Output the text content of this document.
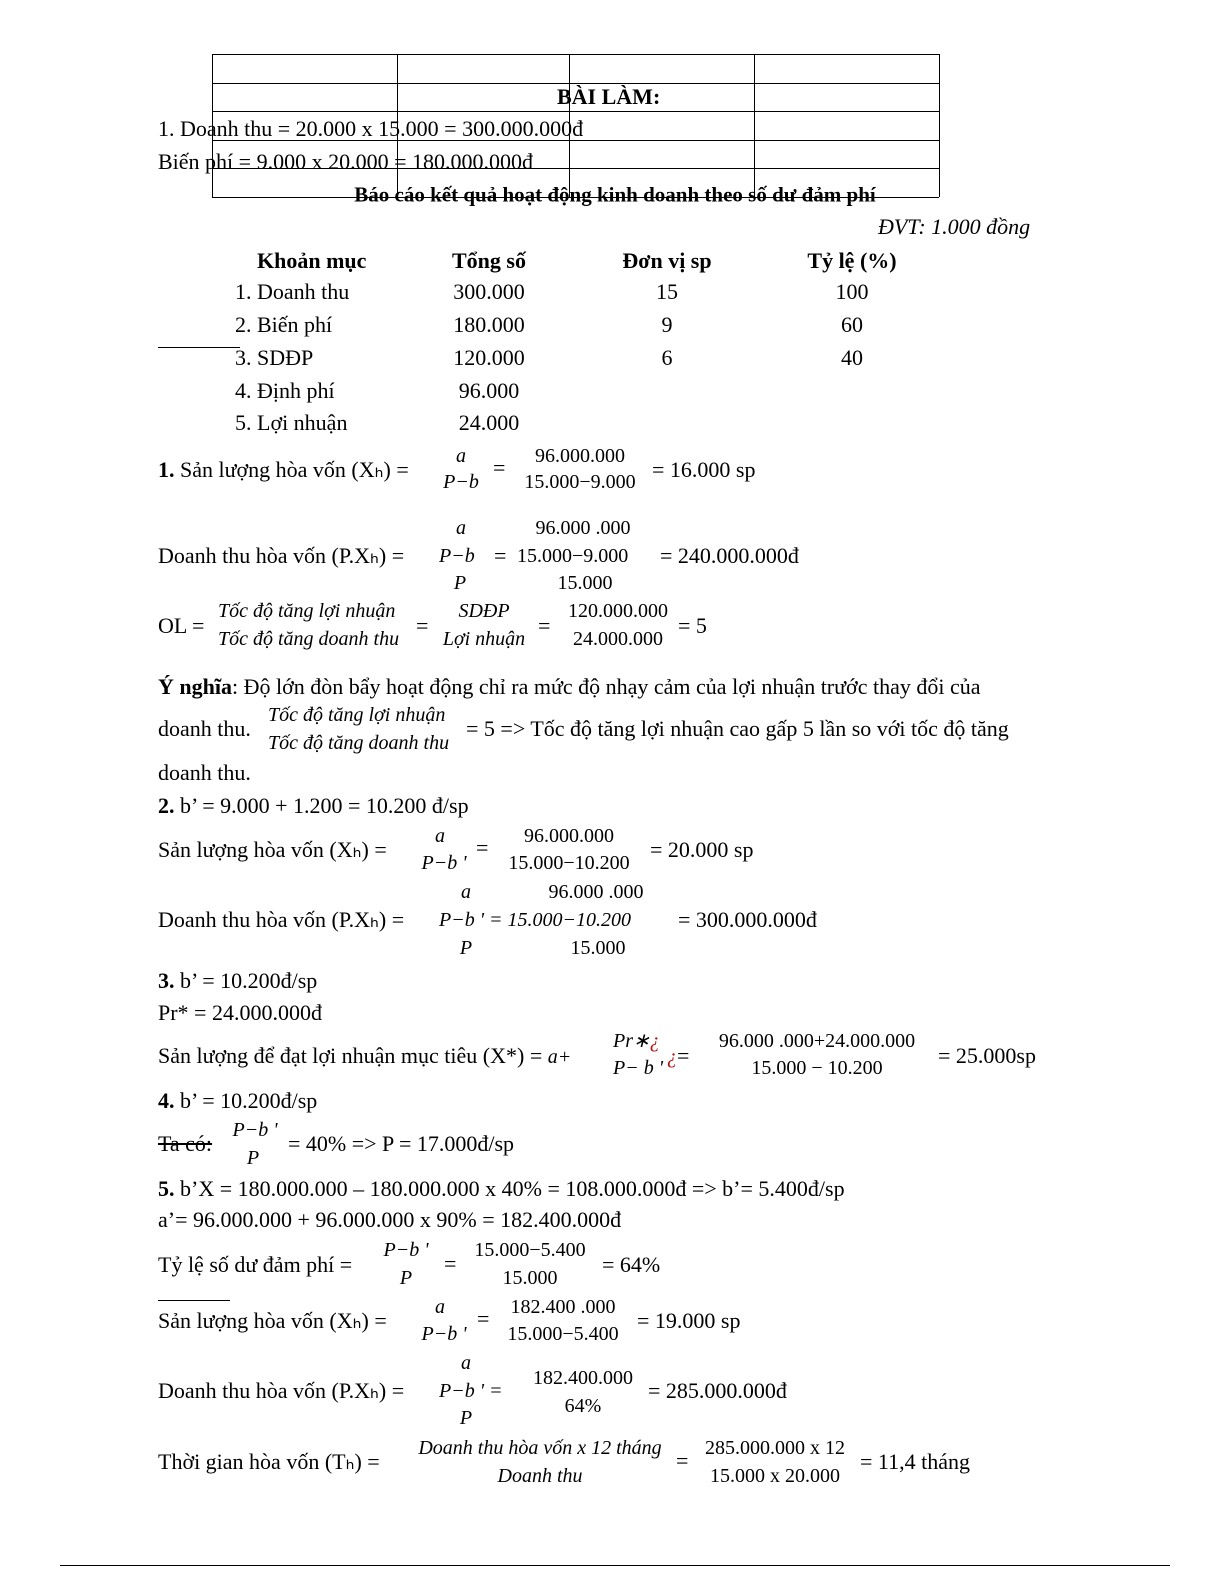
BÀI LÀM:
1. Doanh thu = 20.000 x 15.000 = 300.000.000đ
Biến phí = 9.000 x 20.000 = 180.000.000đ
Báo cáo kết quả hoạt động kinh doanh theo số dư đảm phí
ĐVT: 1.000 đồng
Khoản mục	Tổng số	Đơn vị sp	Tỷ lệ (%)
1. Doanh thu	300.000	15	100
2. Biến phí	180.000	9	60
3. SDĐP	120.000	6	40
4. Định phí	96.000
5. Lợi nhuận	24.000
1. Sản lượng hòa vốn (Xₕ) =
a
P−b
= 96.000.000
15.000−9.000 = 16.000 sp
Doanh thu hòa vốn (P.Xₕ) =
a	96.000 .000
P−b = 15.000−9.000 = 240.000.000đ
P	15.000
OL =
Tốc độ tăng lợi nhuận
Tốc độ tăng doanh thu
=
SDĐP
Lợi nhuận
=
120.000.000
24.000.000
= 5
Ý nghĩa: Độ lớn đòn bẩy hoạt động chỉ ra mức độ nhạy cảm của lợi nhuận trước thay đổi của
doanh thu.
Tốc độ tăng lợi nhuận
Tốc độ tăng doanh thu
= 5 => Tốc độ tăng lợi nhuận cao gấp 5 lần so với tốc độ tăng
doanh thu.
2. b’ = 9.000 + 1.200 = 10.200 đ/sp
Sản lượng hòa vốn (Xₕ) =
a
P−b '
= 96.000.000
15.000−10.200
= 20.000 sp
Doanh thu hòa vốn (P.Xₕ) =
a	96.000 .000
P−b ' = 15.000−10.200 = 300.000.000đ
P	15.000
3. b’ = 10.200đ/sp
Pr* = 24.000.000đ
Sản lượng để đạt lợi nhuận mục tiêu (X*) = a+
Pr∗¿
P− b ' ¿=
96.000 .000+24.000.000
15.000 − 10.200	= 25.000sp
4. b’ = 10.200đ/sp
Ta có:
P−b '
P
= 40% => P = 17.000đ/sp
5. b’X = 180.000.000 – 180.000.000 x 40% = 108.000.000đ => b’= 5.400đ/sp
a’= 96.000.000 + 96.000.000 x 90% = 182.400.000đ
Tỷ lệ số dư đảm phí =
P−b '
P
=
15.000−5.400
15.000
= 64%
Sản lượng hòa vốn (Xₕ) =
a
P−b '
= 182.400 .000
15.000−5.400
= 19.000 sp
Doanh thu hòa vốn (P.Xₕ) =
a
P−b ' =
182.400.000
64%
P
= 285.000.000đ
Thời gian hòa vốn (Tₕ) =
Doanh thu hòa vốn x 12 tháng
Doanh thu
= 285.000.000 x 12
15.000 x 20.000
= 11,4 tháng
